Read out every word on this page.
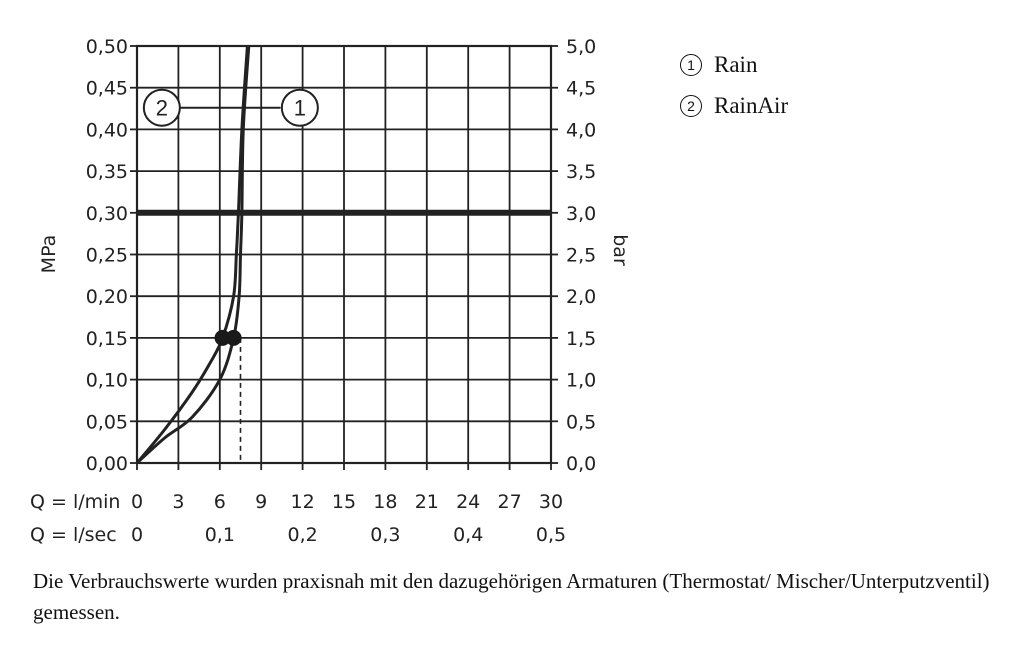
2	1
0 3 6 9 12 15 18 21 24 27 30
0	0,1	0,2	0,3	0,4	0,5
0,00	0,0
0,05	0,5
0,10	1,0
0,15	1,5
0,20	2,0
0,25	2,5
0,30	3,0
0,35	3,5
0,40	4,0
0,45	4,5
0,50	5,0
MPa	bar
Q = l/min
Q = l/sec
1 Rain
2 RainAir
Die Verbrauchswerte wurden praxisnah mit den dazugehörigen Armaturen (Thermostat/ Mischer/Unterputzventil) gemessen.
